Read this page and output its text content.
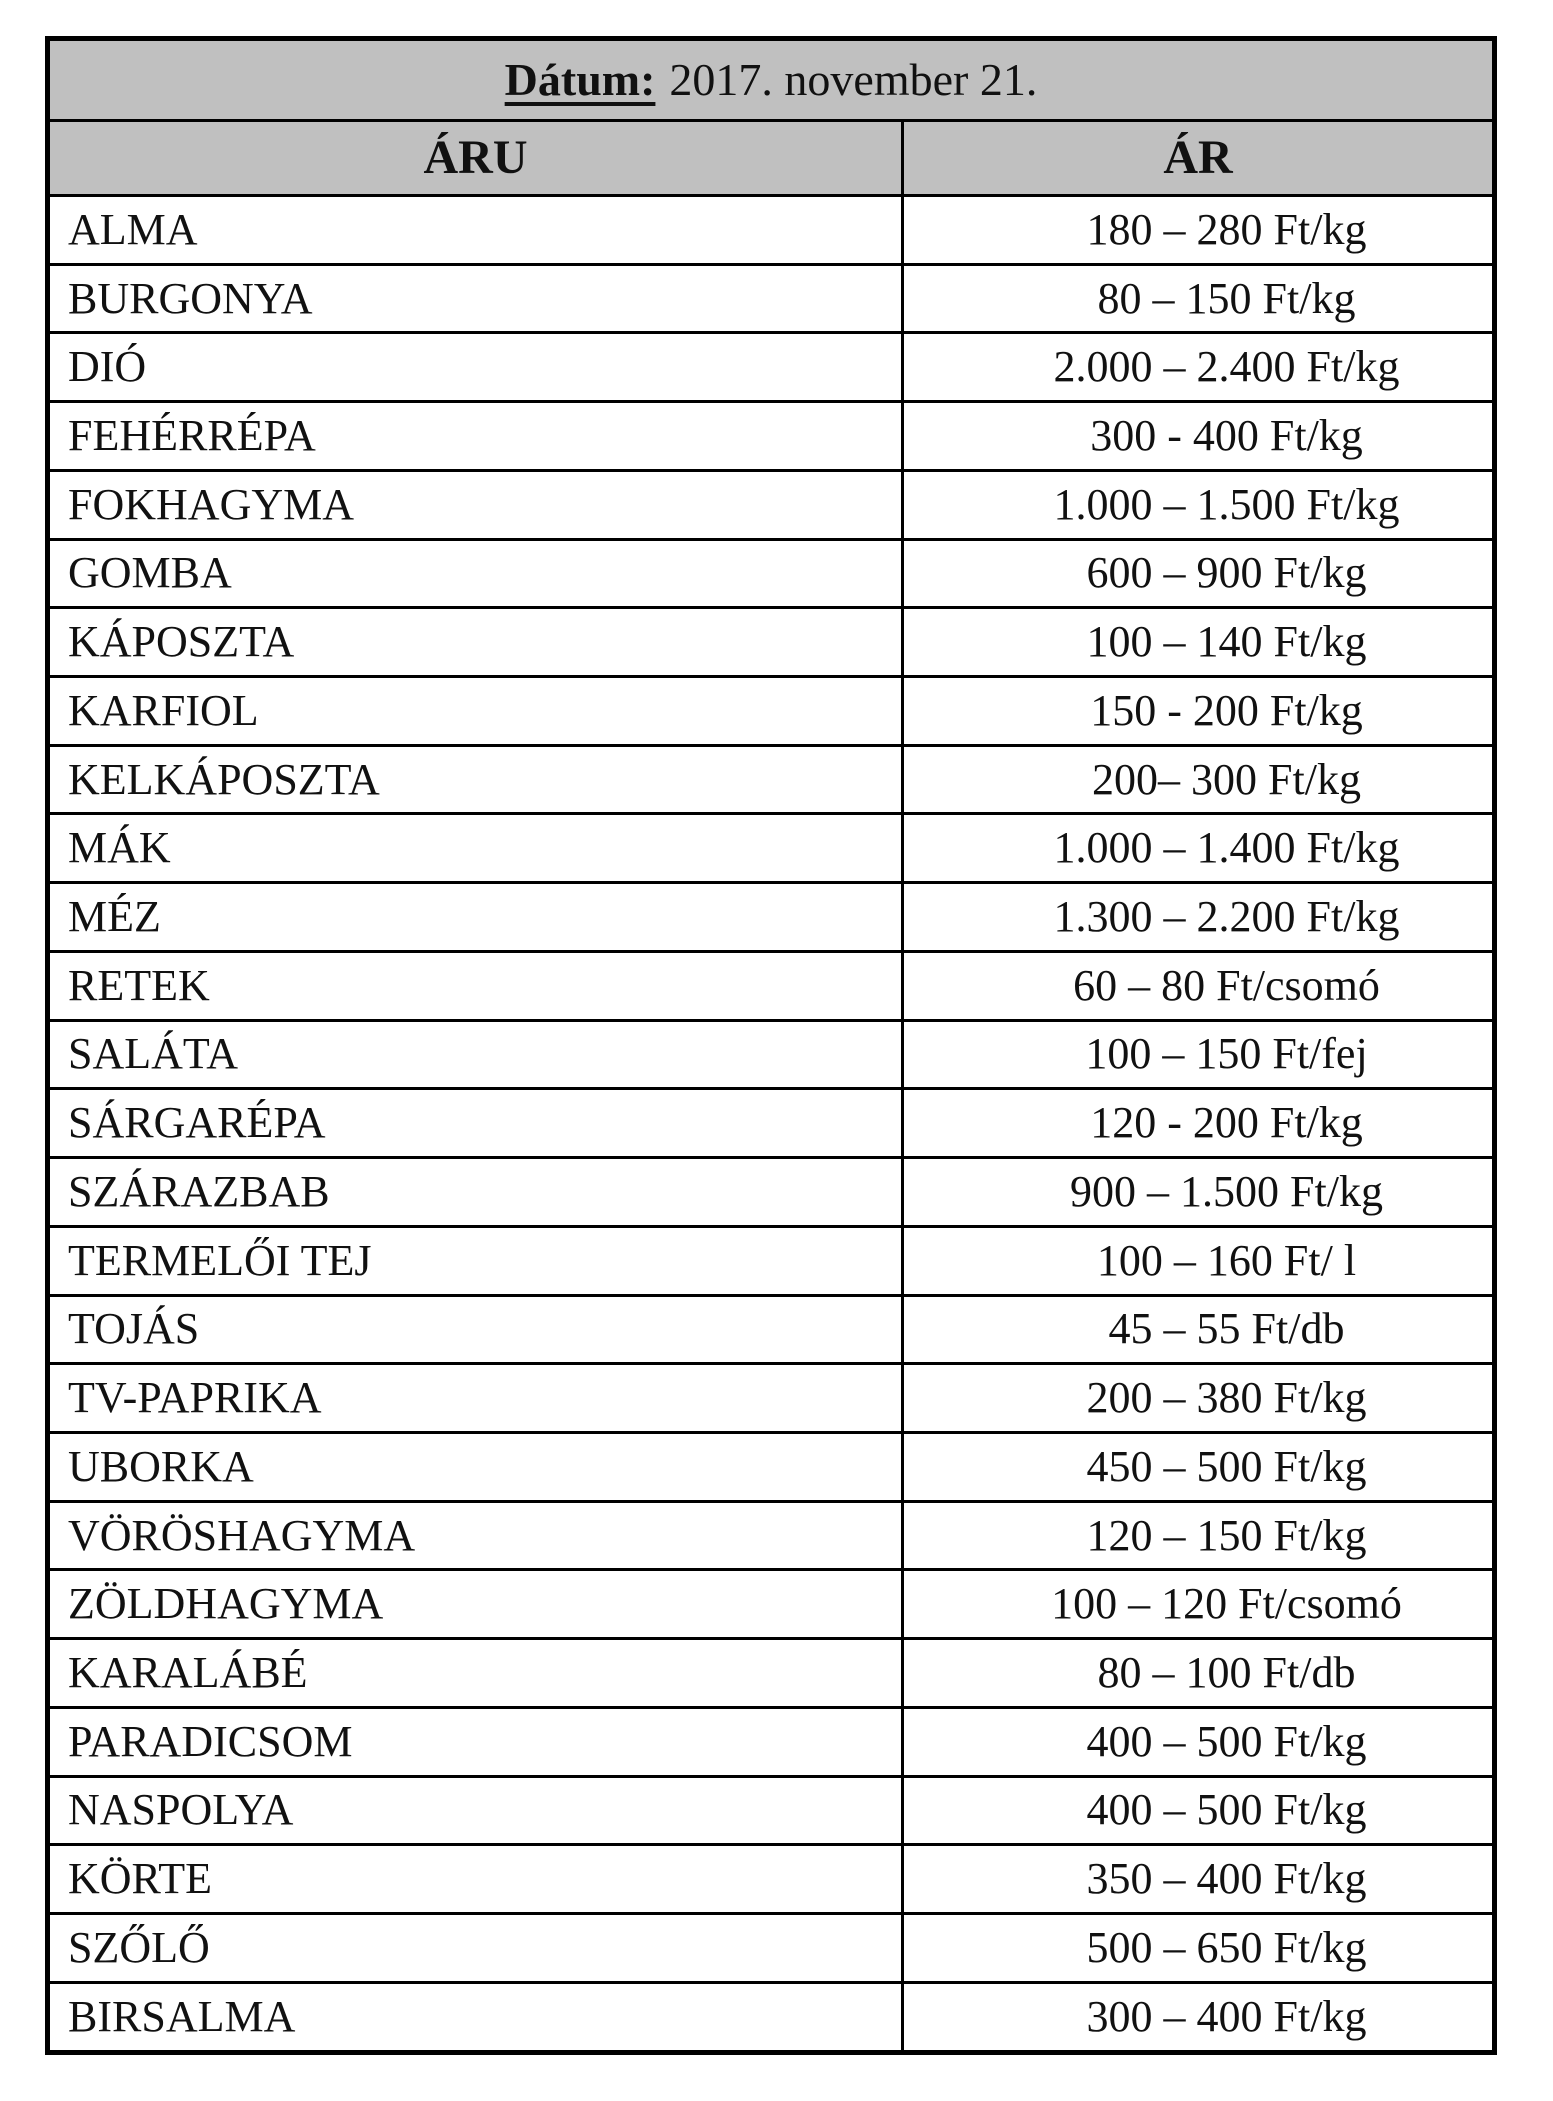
Dátum: 2017. november 21.	
ÁRU	ÁR
ALMA	180 – 280 Ft/kg
BURGONYA	80 – 150 Ft/kg
DIÓ	2.000 – 2.400 Ft/kg
FEHÉRRÉPA	300 - 400 Ft/kg
FOKHAGYMA	1.000 – 1.500 Ft/kg
GOMBA	600 – 900 Ft/kg
KÁPOSZTA	100 – 140 Ft/kg
KARFIOL	150 - 200 Ft/kg
KELKÁPOSZTA	200– 300 Ft/kg
MÁK	1.000 – 1.400 Ft/kg
MÉZ	1.300 – 2.200 Ft/kg
RETEK	60 – 80 Ft/csomó
SALÁTA	100 – 150 Ft/fej
SÁRGARÉPA	120 - 200 Ft/kg
SZÁRAZBAB	900 – 1.500 Ft/kg
TERMELŐI TEJ	100 – 160 Ft/ l
TOJÁS	45 – 55 Ft/db
TV-PAPRIKA	200 – 380 Ft/kg
UBORKA	450 – 500 Ft/kg
VÖRÖSHAGYMA	120 – 150 Ft/kg
ZÖLDHAGYMA	100 – 120 Ft/csomó
KARALÁBÉ	80 – 100 Ft/db
PARADICSOM	400 – 500 Ft/kg
NASPOLYA	400 – 500 Ft/kg
KÖRTE	350 – 400 Ft/kg
SZŐLŐ	500 – 650 Ft/kg
BIRSALMA	300 – 400 Ft/kg
